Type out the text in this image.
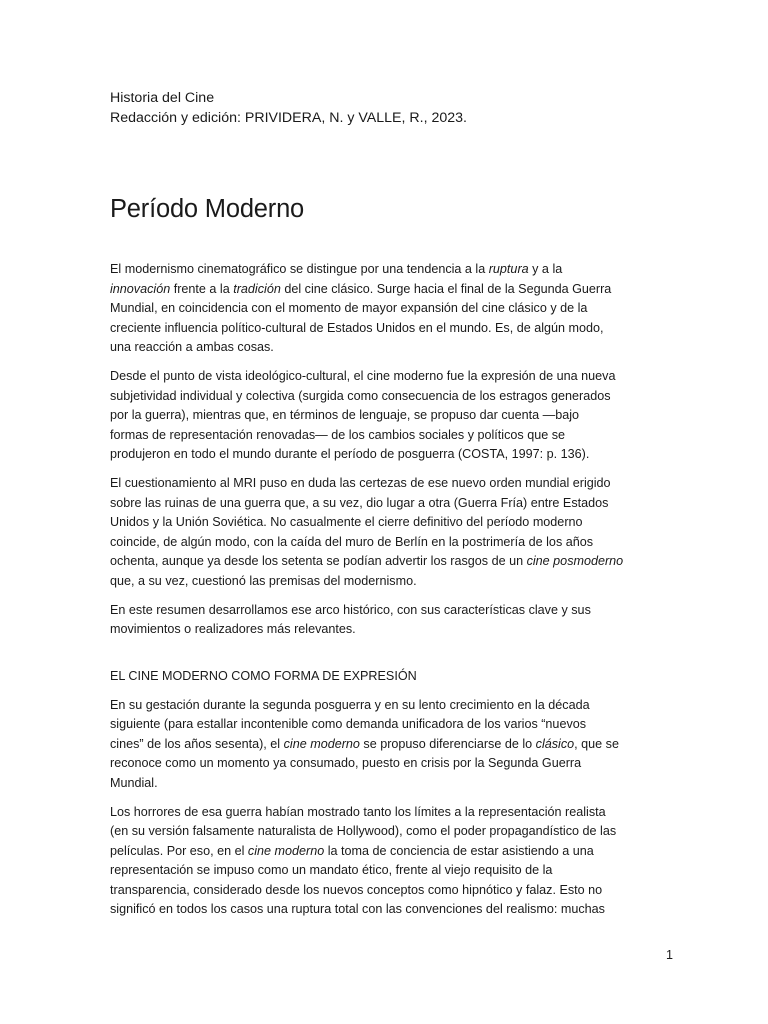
Historia del Cine
Redacción y edición: PRIVIDERA, N. y VALLE, R., 2023.
Período Moderno

El modernismo cinematográfico se distingue por una tendencia a la ruptura y a la
innovación frente a la tradición del cine clásico. Surge hacia el final de la Segunda Guerra
Mundial, en coincidencia con el momento de mayor expansión del cine clásico y de la
creciente influencia político-cultural de Estados Unidos en el mundo. Es, de algún modo,
una reacción a ambas cosas.

Desde el punto de vista ideológico-cultural, el cine moderno fue la expresión de una nueva
subjetividad individual y colectiva (surgida como consecuencia de los estragos generados
por la guerra), mientras que, en términos de lenguaje, se propuso dar cuenta —bajo
formas de representación renovadas— de los cambios sociales y políticos que se
produjeron en todo el mundo durante el período de posguerra (COSTA, 1997: p. 136).

El cuestionamiento al MRI puso en duda las certezas de ese nuevo orden mundial erigido
sobre las ruinas de una guerra que, a su vez, dio lugar a otra (Guerra Fría) entre Estados
Unidos y la Unión Soviética. No casualmente el cierre definitivo del período moderno
coincide, de algún modo, con la caída del muro de Berlín en la postrimería de los años
ochenta, aunque ya desde los setenta se podían advertir los rasgos de un cine posmoderno
que, a su vez, cuestionó las premisas del modernismo.

En este resumen desarrollamos ese arco histórico, con sus características clave y sus
movimientos o realizadores más relevantes.

EL CINE MODERNO COMO FORMA DE EXPRESIÓN

En su gestación durante la segunda posguerra y en su lento crecimiento en la década
siguiente (para estallar incontenible como demanda unificadora de los varios “nuevos
cines” de los años sesenta), el cine moderno se propuso diferenciarse de lo clásico, que se
reconoce como un momento ya consumado, puesto en crisis por la Segunda Guerra
Mundial.

Los horrores de esa guerra habían mostrado tanto los límites a la representación realista
(en su versión falsamente naturalista de Hollywood), como el poder propagandístico de las
películas. Por eso, en el cine moderno la toma de conciencia de estar asistiendo a una
representación se impuso como un mandato ético, frente al viejo requisito de la
transparencia, considerado desde los nuevos conceptos como hipnótico y falaz. Esto no
significó en todos los casos una ruptura total con las convenciones del realismo: muchas

1
